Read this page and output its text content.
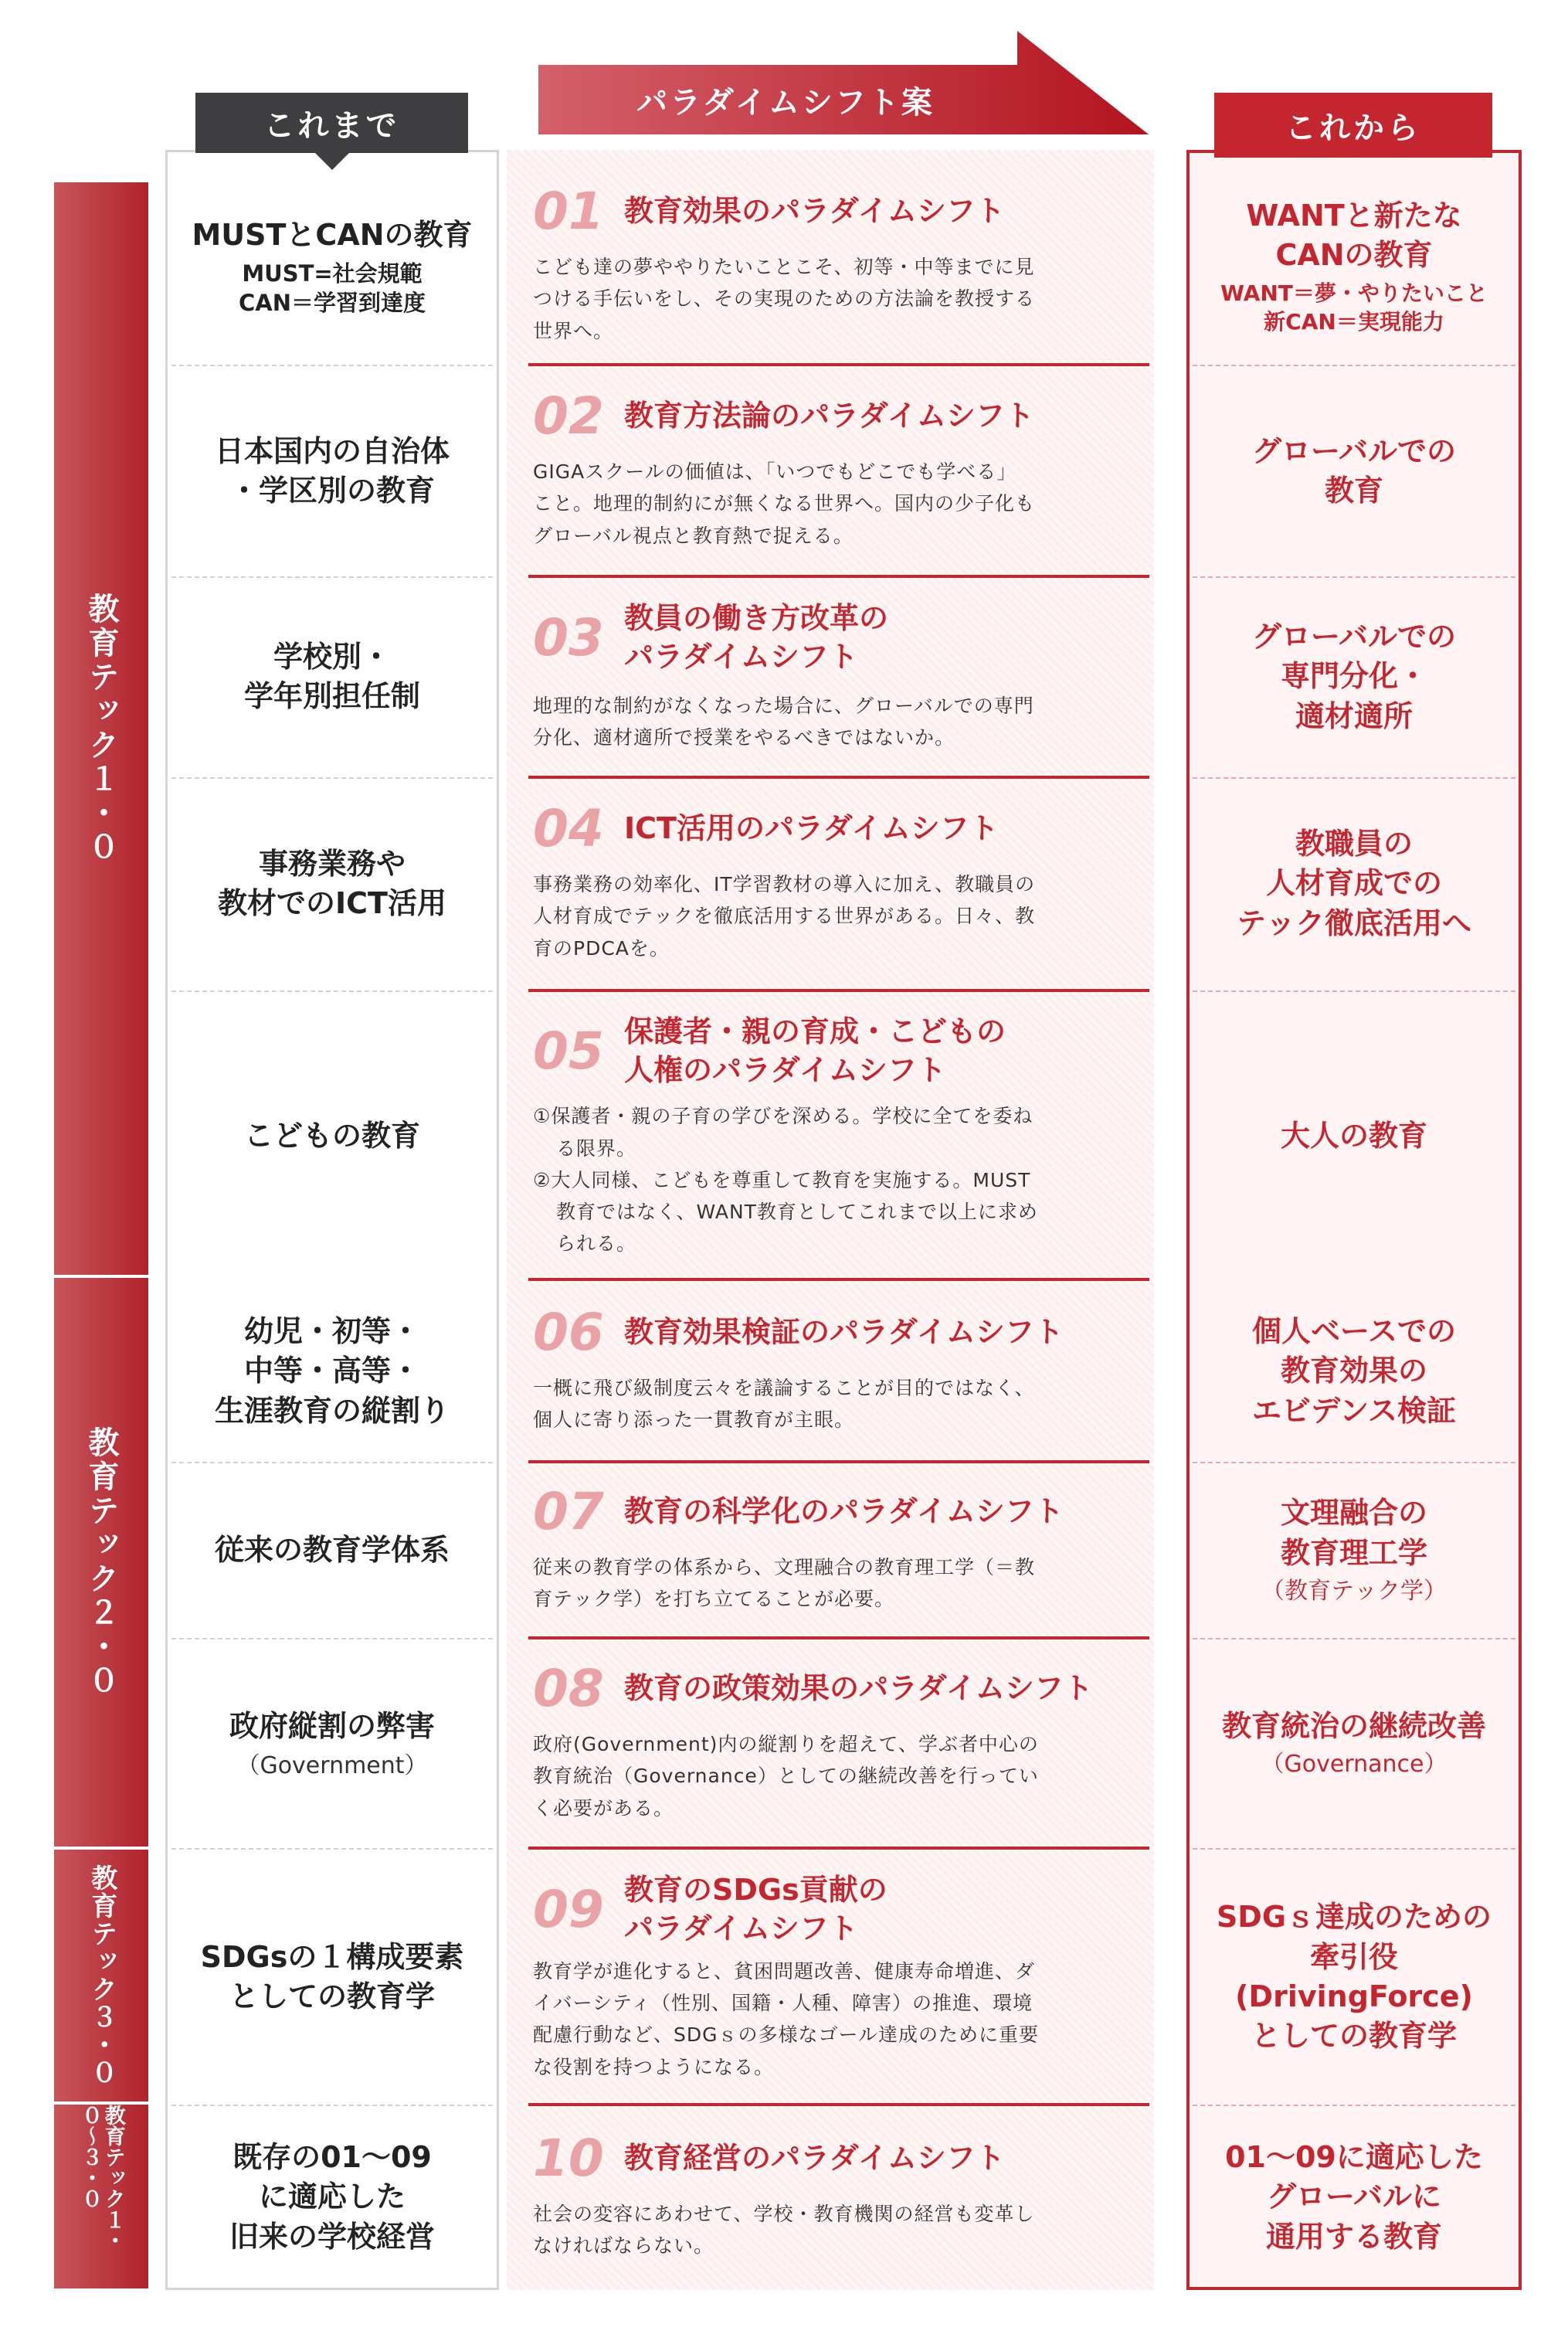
これまで
パラダイムシフト案
これから
教育テック１・０
教育テック２・０
教育テック３・０
教育テック１・０〜３・０
MUSTとCANの教育
MUST=社会規範
CAN＝学習到達度
01 教育効果のパラダイムシフト
こども達の夢ややりたいことこそ、初等・中等までに見
つける手伝いをし、その実現のための方法論を教授する
世界へ。
WANTと新たな
CANの教育
WANT＝夢・やりたいこと
新CAN＝実現能力
日本国内の自治体
・学区別の教育
02 教育方法論のパラダイムシフト
GIGAスクールの価値は、「いつでもどこでも学べる」
こと。地理的制約にが無くなる世界へ。国内の少子化も
グローバル視点と教育熱で捉える。
グローバルでの
教育
学校別・
学年別担任制
03 教員の働き方改革の
パラダイムシフト
地理的な制約がなくなった場合に、グローバルでの専門
分化、適材適所で授業をやるべきではないか。
グローバルでの
専門分化・
適材適所
事務業務や
教材でのICT活用
04 ICT活用のパラダイムシフト
事務業務の効率化、IT学習教材の導入に加え、教職員の
人材育成でテックを徹底活用する世界がある。日々、教
育のPDCAを。
教職員の
人材育成での
テック徹底活用へ
こどもの教育
05 保護者・親の育成・こどもの
人権のパラダイムシフト
①保護者・親の子育の学びを深める。学校に全てを委ね
る限界。
②大人同様、こどもを尊重して教育を実施する。MUST
教育ではなく、WANT教育としてこれまで以上に求め
られる。
大人の教育
幼児・初等・
中等・高等・
生涯教育の縦割り
06 教育効果検証のパラダイムシフト
一概に飛び級制度云々を議論することが目的ではなく、
個人に寄り添った一貫教育が主眼。
個人ベースでの
教育効果の
エビデンス検証
従来の教育学体系
07 教育の科学化のパラダイムシフト
従来の教育学の体系から、文理融合の教育理工学（＝教
育テック学）を打ち立てることが必要。
文理融合の
教育理工学
（教育テック学）
政府縦割の弊害
（Government）
08 教育の政策効果のパラダイムシフト
政府(Government)内の縦割りを超えて、学ぶ者中心の
教育統治（Governance）としての継続改善を行ってい
く必要がある。
教育統治の継続改善
（Governance）
SDGsの１構成要素
としての教育学
09 教育のSDGs貢献の
パラダイムシフト
教育学が進化すると、貧困問題改善、健康寿命増進、ダ
イバーシティ（性別、国籍・人種、障害）の推進、環境
配慮行動など、SDGｓの多様なゴール達成のために重要
な役割を持つようになる。
SDGｓ達成のための
牽引役(DrivingForce)
としての教育学
既存の01〜09
に適応した
旧来の学校経営
10 教育経営のパラダイムシフト
社会の変容にあわせて、学校・教育機関の経営も変革し
なければならない。
01〜09に適応した
グローバルに
通用する教育
